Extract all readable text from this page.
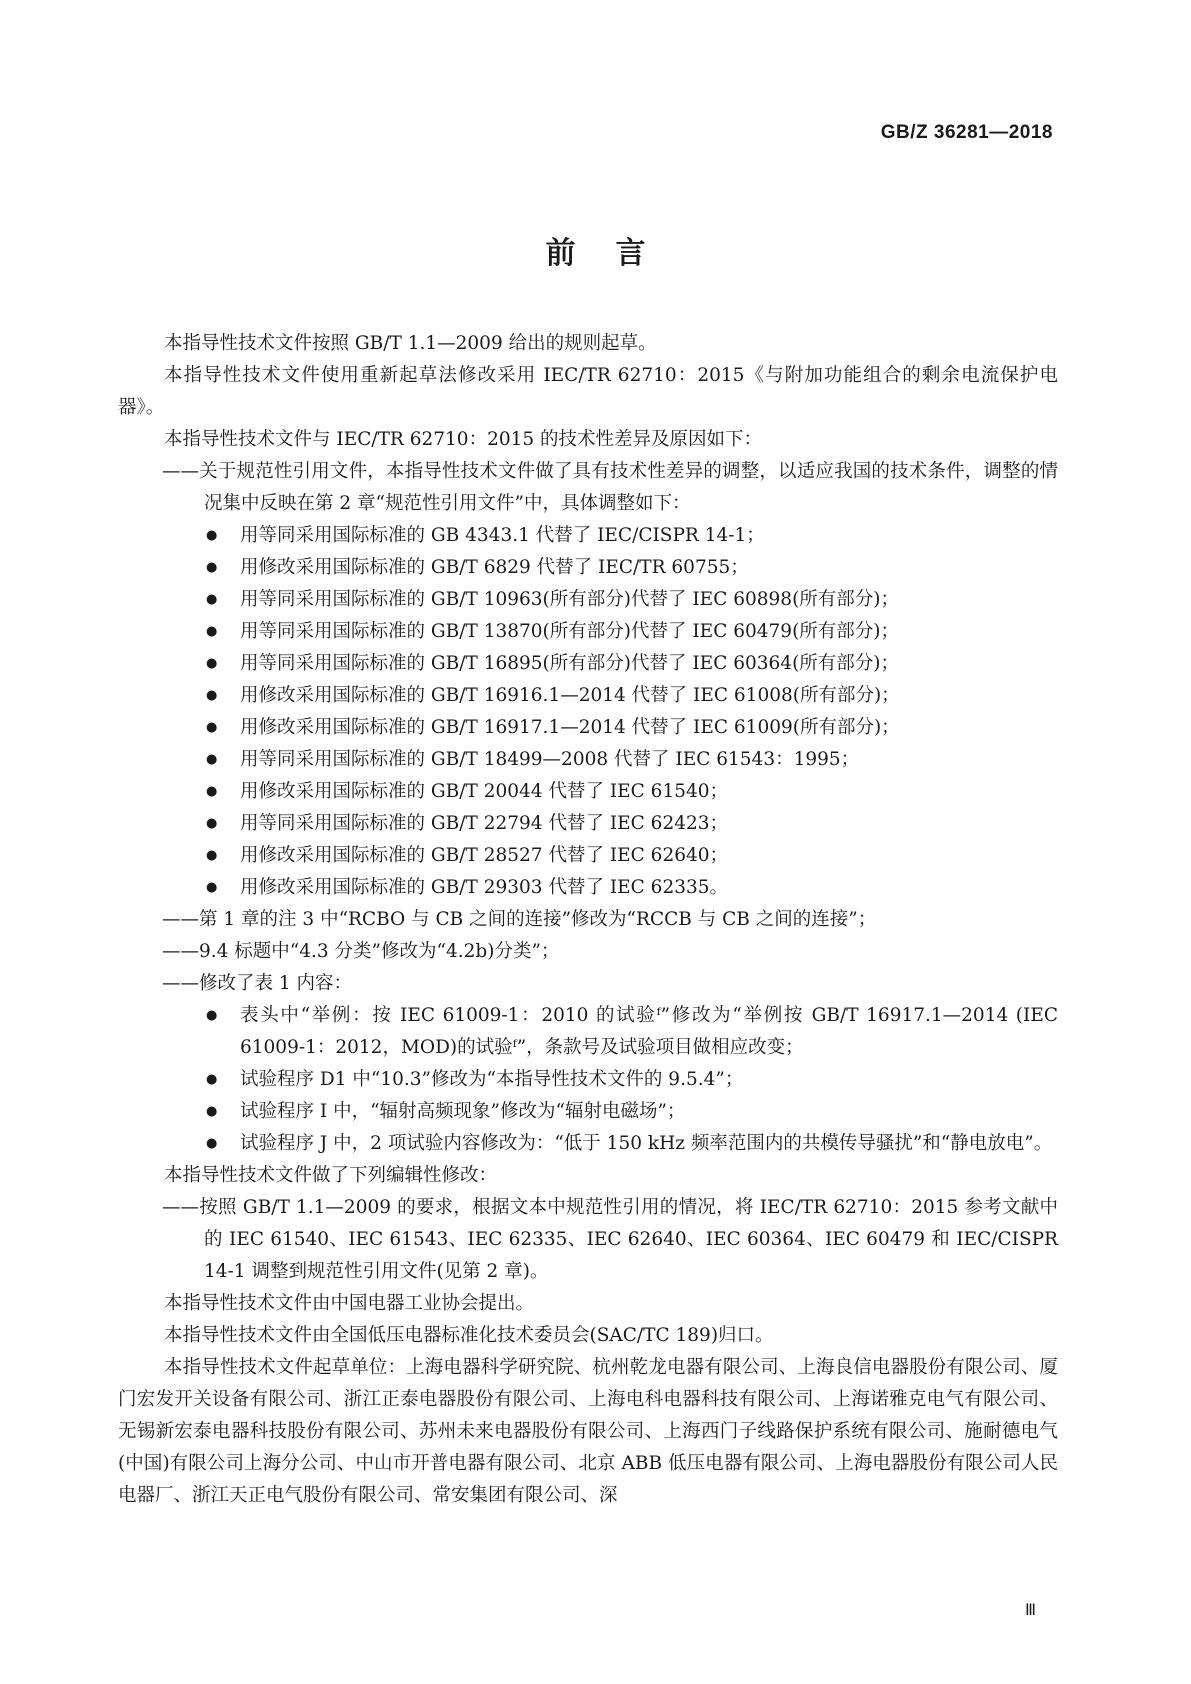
GB/Z 36281—2018
前言

本指导性技术文件按照 GB/T 1.1—2009 给出的规则起草。

本指导性技术文件使用重新起草法修改采用 IEC/TR 62710：2015《与附加功能组合的剩余电流保护电器》。

本指导性技术文件与 IEC/TR 62710：2015 的技术性差异及原因如下：

——关于规范性引用文件，本指导性技术文件做了具有技术性差异的调整，以适应我国的技术条件，调整的情况集中反映在第 2 章“规范性引用文件”中，具体调整如下：

● 用等同采用国际标准的 GB 4343.1 代替了 IEC/CISPR 14-1；

● 用修改采用国际标准的 GB/T 6829 代替了 IEC/TR 60755；

● 用等同采用国际标准的 GB/T 10963(所有部分)代替了 IEC 60898(所有部分)；

● 用等同采用国际标准的 GB/T 13870(所有部分)代替了 IEC 60479(所有部分)；

● 用等同采用国际标准的 GB/T 16895(所有部分)代替了 IEC 60364(所有部分)；

● 用修改采用国际标准的 GB/T 16916.1—2014 代替了 IEC 61008(所有部分)；

● 用修改采用国际标准的 GB/T 16917.1—2014 代替了 IEC 61009(所有部分)；

● 用等同采用国际标准的 GB/T 18499—2008 代替了 IEC 61543：1995；

● 用修改采用国际标准的 GB/T 20044 代替了 IEC 61540；

● 用等同采用国际标准的 GB/T 22794 代替了 IEC 62423；

● 用修改采用国际标准的 GB/T 28527 代替了 IEC 62640；

● 用修改采用国际标准的 GB/T 29303 代替了 IEC 62335。

——第 1 章的注 3 中“RCBO 与 CB 之间的连接”修改为“RCCB 与 CB 之间的连接”；

——9.4 标题中“4.3 分类”修改为“4.2b)分类”；

——修改了表 1 内容：

● 表头中“举例：按 IEC 61009-1：2010 的试验ᶠ”修改为“举例按 GB/T 16917.1—2014 (IEC 61009-1：2012，MOD)的试验ᶠ”，条款号及试验项目做相应改变；

● 试验程序 D1 中“10.3”修改为“本指导性技术文件的 9.5.4”；

● 试验程序 I 中，“辐射高频现象”修改为“辐射电磁场”；

● 试验程序 J 中，2 项试验内容修改为：“低于 150 kHz 频率范围内的共模传导骚扰”和“静电放电”。

本指导性技术文件做了下列编辑性修改：

——按照 GB/T 1.1—2009 的要求，根据文本中规范性引用的情况，将 IEC/TR 62710：2015 参考文献中的 IEC 61540、IEC 61543、IEC 62335、IEC 62640、IEC 60364、IEC 60479 和 IEC/CISPR 14-1 调整到规范性引用文件(见第 2 章)。

本指导性技术文件由中国电器工业协会提出。

本指导性技术文件由全国低压电器标准化技术委员会(SAC/TC 189)归口。

本指导性技术文件起草单位：上海电器科学研究院、杭州乾龙电器有限公司、上海良信电器股份有限公司、厦门宏发开关设备有限公司、浙江正泰电器股份有限公司、上海电科电器科技有限公司、上海诺雅克电气有限公司、无锡新宏泰电器科技股份有限公司、苏州未来电器股份有限公司、上海西门子线路保护系统有限公司、施耐德电气(中国)有限公司上海分公司、中山市开普电器有限公司、北京 ABB 低压电器有限公司、上海电器股份有限公司人民电器厂、浙江天正电气股份有限公司、常安集团有限公司、深

Ⅲ
